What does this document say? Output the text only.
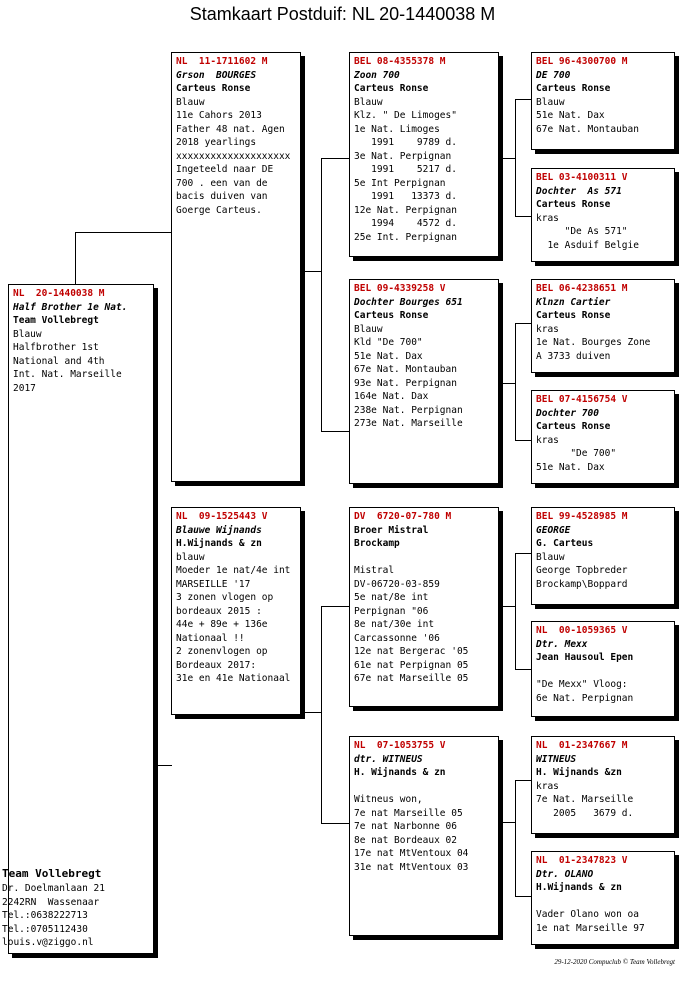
Stamkaart Postduif: NL 20-1440038 M
NL  20-1440038 M
Half Brother 1e Nat.
Team Vollebregt
Blauw
Halfbrother 1st
National and 4th
Int. Nat. Marseille
2017
NL  11-1711602 M
Grson  BOURGES
Carteus Ronse
Blauw
11e Cahors 2013
Father 48 nat. Agen
2018 yearlings
xxxxxxxxxxxxxxxxxxxx
Ingeteeld naar DE
700 . een van de
bacis duiven van
Goerge Carteus.
NL  09-1525443 V
Blauwe Wijnands
H.Wijnands & zn
blauw
Moeder 1e nat/4e int
MARSEILLE '17
3 zonen vlogen op
bordeaux 2015 :
44e + 89e + 136e
Nationaal !!
2 zonenvlogen op
Bordeaux 2017:
31e en 41e Nationaal
BEL 08-4355378 M
Zoon 700
Carteus Ronse
Blauw
Klz. " De Limoges"
1e Nat. Limoges
1991    9789 d.
3e Nat. Perpignan
1991    5217 d.
5e Int Perpignan
1991   13373 d.
12e Nat. Perpignan
1994    4572 d.
25e Int. Perpignan
BEL 09-4339258 V
Dochter Bourges 651
Carteus Ronse
Blauw
Kld "De 700"
51e Nat. Dax
67e Nat. Montauban
93e Nat. Perpignan
164e Nat. Dax
238e Nat. Perpignan
273e Nat. Marseille
DV  6720-07-780 M
Broer Mistral
Brockamp

Mistral
DV-06720-03-859
5e nat/8e int
Perpignan "06
8e nat/30e int
Carcassonne '06
12e nat Bergerac '05
61e nat Perpignan 05
67e nat Marseille 05
NL  07-1053755 V
dtr. WITNEUS
H. Wijnands & zn

Witneus won,
7e nat Marseille 05
7e nat Narbonne 06
8e nat Bordeaux 02
17e nat MtVentoux 04
31e nat MtVentoux 03
BEL 96-4300700 M
DE 700
Carteus Ronse
Blauw
51e Nat. Dax
67e Nat. Montauban
BEL 03-4100311 V
Dochter  As 571
Carteus Ronse
kras
"De As 571"
1e Asduif Belgie
BEL 06-4238651 M
Klnzn Cartier
Carteus Ronse
kras
1e Nat. Bourges Zone
A 3733 duiven
BEL 07-4156754 V
Dochter 700
Carteus Ronse
kras
"De 700"
51e Nat. Dax
BEL 99-4528985 M
GEORGE
G. Carteus
Blauw
George Topbreder
Brockamp\Boppard
NL  00-1059365 V
Dtr. Mexx
Jean Hausoul Epen

"De Mexx" Vloog:
6e Nat. Perpignan
NL  01-2347667 M
WITNEUS
H. Wijnands &zn
kras
7e Nat. Marseille
2005   3679 d.
NL  01-2347823 V
Dtr. OLANO
H.Wijnands & zn

Vader Olano won oa
1e nat Marseille 97
Team Vollebregt
Dr. Doelmanlaan 21
2242RN  Wassenaar
Tel.:0638222713
Tel.:0705112430
louis.v@ziggo.nl
29-12-2020 Compuclub © Team Vollebregt
